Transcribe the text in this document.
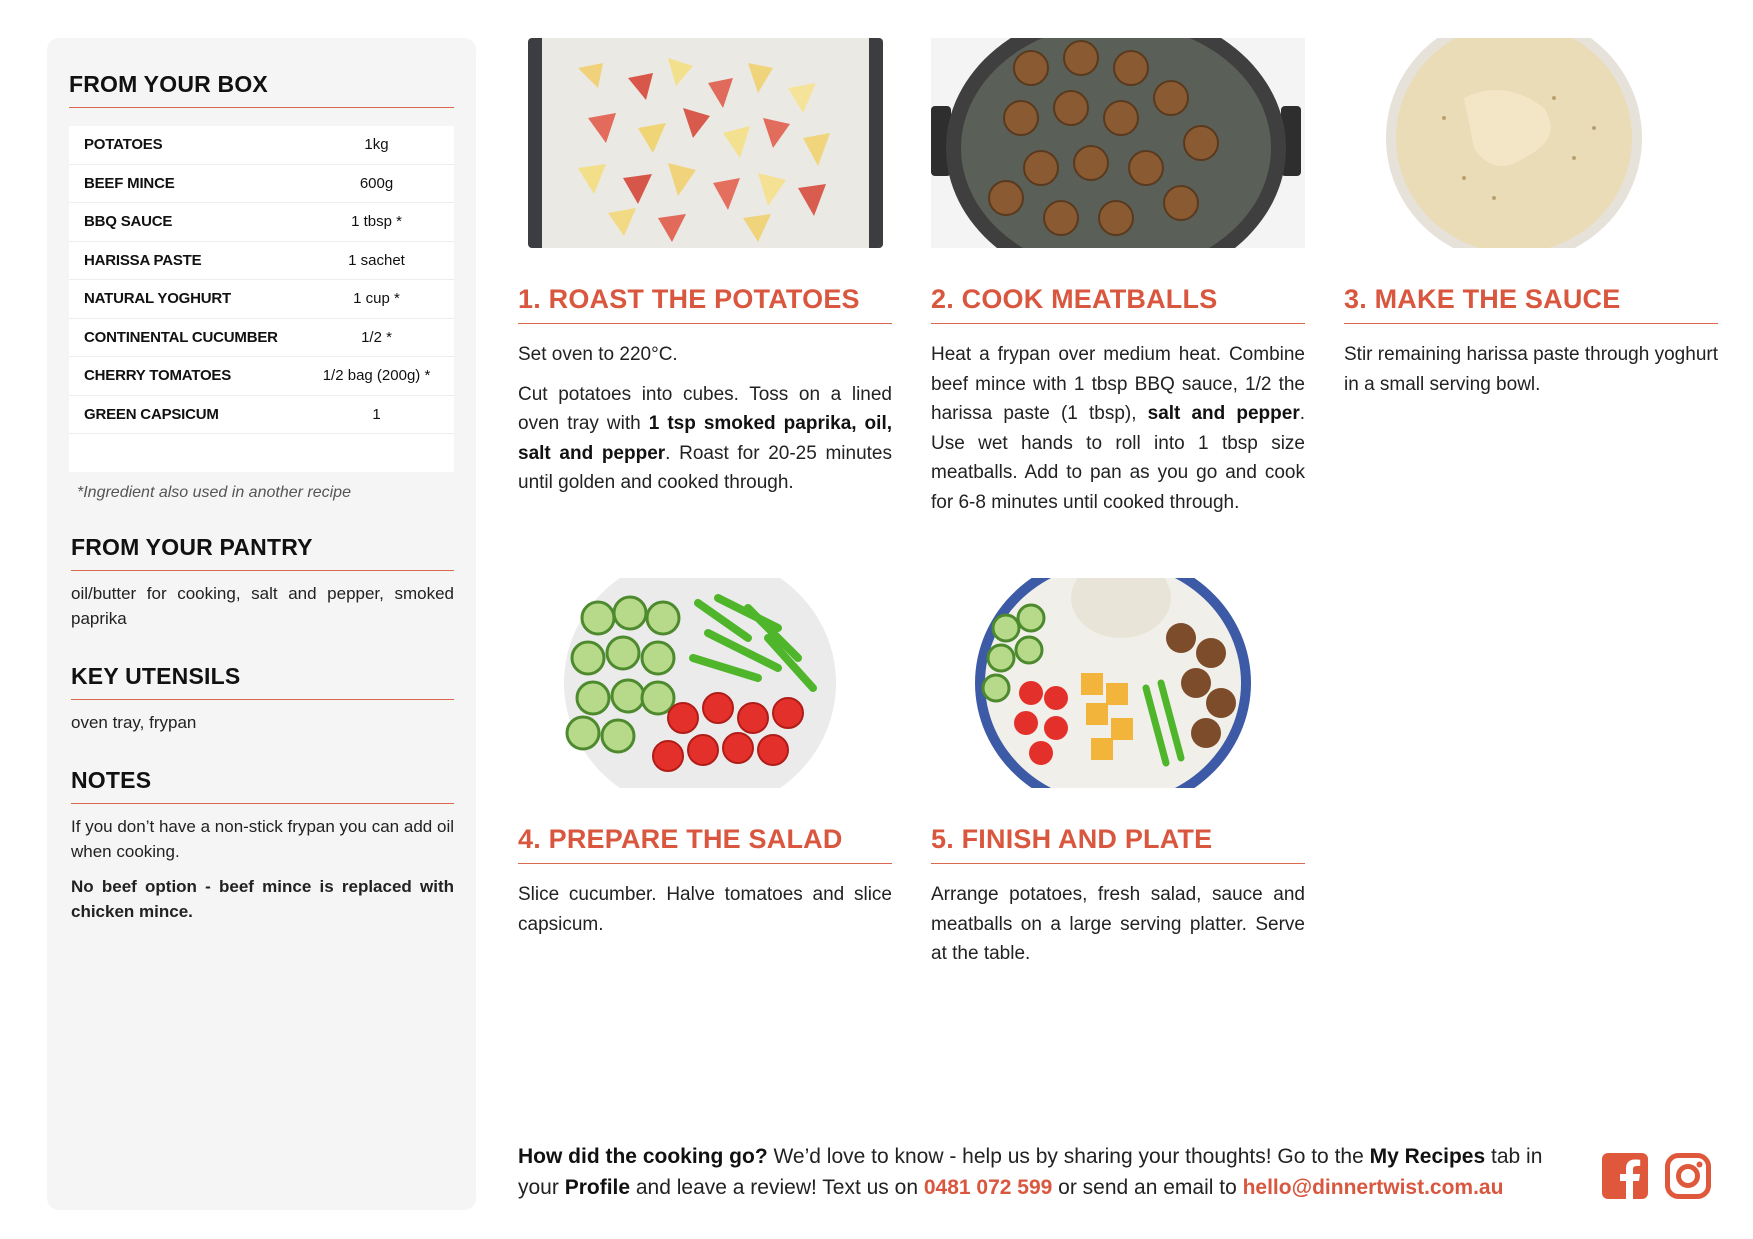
FROM YOUR BOX
POTATOES	1kg
BEEF MINCE	600g
BBQ SAUCE	1 tbsp *
HARISSA PASTE	1 sachet
NATURAL YOGHURT	1 cup *
CONTINENTAL CUCUMBER	1/2 *
CHERRY TOMATOES	1/2 bag (200g) *
GREEN CAPSICUM	1
*Ingredient also used in another recipe
FROM YOUR PANTRY
oil/butter for cooking, salt and pepper, smoked paprika
KEY UTENSILS
oven tray, frypan
NOTES
If you don’t have a non-stick frypan you can add oil when cooking.
No beef option - beef mince is replaced with chicken mince.
1. ROAST THE POTATOES

Set oven to 220°C.

Cut potatoes into cubes. Toss on a lined oven tray with 1 tsp smoked paprika, oil, salt and pepper. Roast for 20-25 minutes until golden and cooked through.

2. COOK MEATBALLS

Heat a frypan over medium heat. Combine beef mince with 1 tbsp BBQ sauce, 1/2 the harissa paste (1 tbsp), salt and pepper. Use wet hands to roll into 1 tbsp size meatballs. Add to pan as you go and cook for 6-8 minutes until cooked through.

3. MAKE THE SAUCE

Stir remaining harissa paste through yoghurt in a small serving bowl.

4. PREPARE THE SALAD

Slice cucumber. Halve tomatoes and slice capsicum.

5. FINISH AND PLATE

Arrange potatoes, fresh salad, sauce and meatballs on a large serving platter. Serve at the table.

How did the cooking go? We’d love to know - help us by sharing your thoughts! Go to the My Recipes tab in your Profile and leave a review! Text us on 0481 072 599 or send an email to hello@dinnertwist.com.au
